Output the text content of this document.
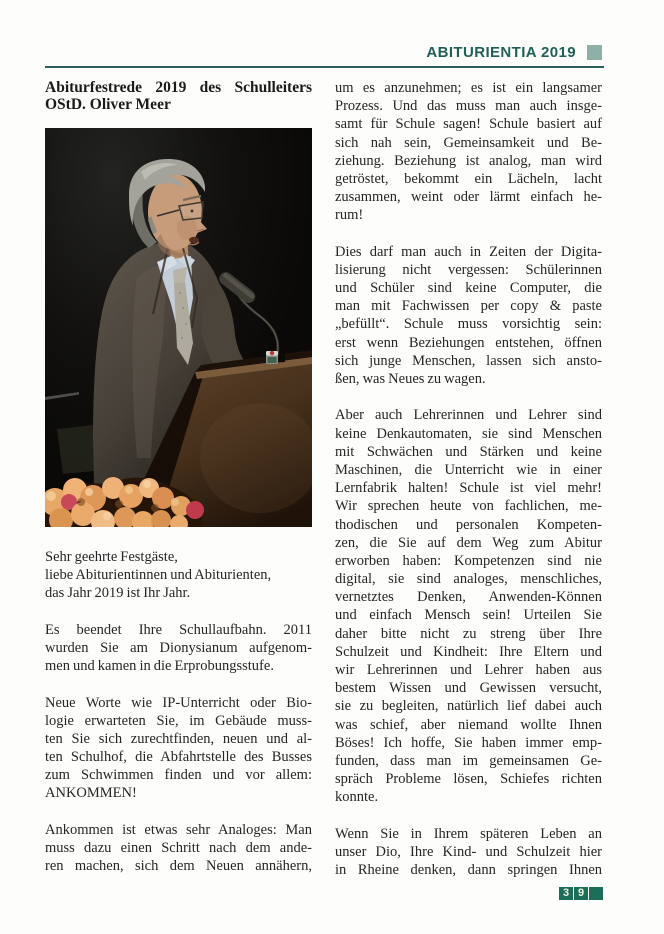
ABITURIENTIA 2019
Abiturfestrede 2019 des Schulleiters
OStD. Oliver Meer
Sehr geehrte Festgäste,
liebe Abiturientinnen und Abiturienten,
das Jahr 2019 ist Ihr Jahr.
Es beendet Ihre Schullaufbahn. 2011
wurden Sie am Dionysianum aufgenom-
men und kamen in die Erprobungsstufe.
Neue Worte wie IP-Unterricht oder Bio-
logie erwarteten Sie, im Gebäude muss-
ten Sie sich zurechtfinden, neuen und al-
ten Schulhof, die Abfahrtstelle des Busses
zum Schwimmen finden und vor allem:
ANKOMMEN!
Ankommen ist etwas sehr Analoges: Man
muss dazu einen Schritt nach dem ande-
ren machen, sich dem Neuen annähern,
um es anzunehmen; es ist ein langsamer
Prozess. Und das muss man auch insge-
samt für Schule sagen! Schule basiert auf
sich nah sein, Gemeinsamkeit und Be-
ziehung. Beziehung ist analog, man wird
getröstet, bekommt ein Lächeln, lacht
zusammen, weint oder lärmt einfach he-
rum!
Dies darf man auch in Zeiten der Digita-
lisierung nicht vergessen: Schülerinnen
und Schüler sind keine Computer, die
man mit Fachwissen per copy & paste
„befüllt“. Schule muss vorsichtig sein:
erst wenn Beziehungen entstehen, öffnen
sich junge Menschen, lassen sich ansto-
ßen, was Neues zu wagen.
Aber auch Lehrerinnen und Lehrer sind
keine Denkautomaten, sie sind Menschen
mit Schwächen und Stärken und keine
Maschinen, die Unterricht wie in einer
Lernfabrik halten! Schule ist viel mehr!
Wir sprechen heute von fachlichen, me-
thodischen und personalen Kompeten-
zen, die Sie auf dem Weg zum Abitur
erworben haben: Kompetenzen sind nie
digital, sie sind analoges, menschliches,
vernetztes Denken, Anwenden-Können
und einfach Mensch sein! Urteilen Sie
daher bitte nicht zu streng über Ihre
Schulzeit und Kindheit: Ihre Eltern und
wir Lehrerinnen und Lehrer haben aus
bestem Wissen und Gewissen versucht,
sie zu begleiten, natürlich lief dabei auch
was schief, aber niemand wollte Ihnen
Böses! Ich hoffe, Sie haben immer emp-
funden, dass man im gemeinsamen Ge-
spräch Probleme lösen, Schiefes richten
konnte.
Wenn Sie in Ihrem späteren Leben an
unser Dio, Ihre Kind- und Schulzeit hier
in Rheine denken, dann springen Ihnen
3 9
